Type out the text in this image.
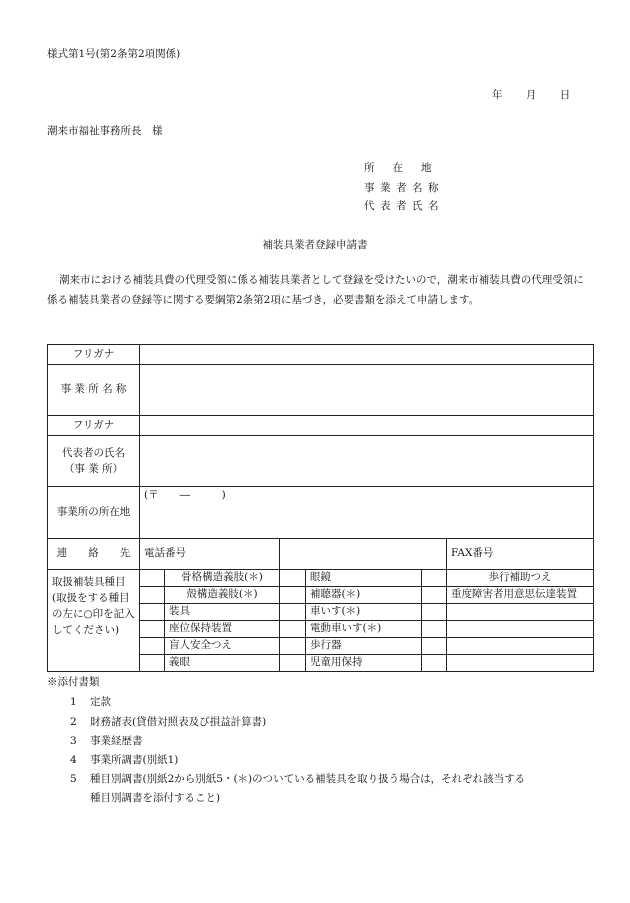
様式第1号(第2条第2項関係)
年 月 日
潮来市福祉事務所長　様
所在地
事業者名称
代表者氏名
補装具業者登録申請書
潮来市における補装具費の代理受領に係る補装具業者として登録を受けたいので，潮来市補装具費の代理受領に係る補装具業者の登録等に関する要綱第2条第2項に基づき，必要書類を添えて申請します。
フリガナ						
事 業 所 名 称						
フリガナ						
代表者の氏名
（事 業 所）						
事業所の所在地	(〒　　―　　　)					
連　　絡　　先	電話番号					FAX番号
取扱補装具種目 (取扱をする種目の左に○印を記入してください)		骨格構造義肢(＊)		眼鏡		歩行補助つえ
		殻構造義肢(＊)		補聴器(＊)		重度障害者用意思伝達装置
		装具		車いす(＊)		
		座位保持装置		電動車いす(＊)		
		盲人安全つえ		歩行器		
		義眼		児童用保持		
※添付書類
1 定款
2 財務諸表(貸借対照表及び損益計算書)
3 事業経歴書
4 事業所調書(別紙1)
5 種目別調書(別紙2から別紙5・(＊)のついている補装具を取り扱う場合は，それぞれ該当する
種目別調書を添付すること)
